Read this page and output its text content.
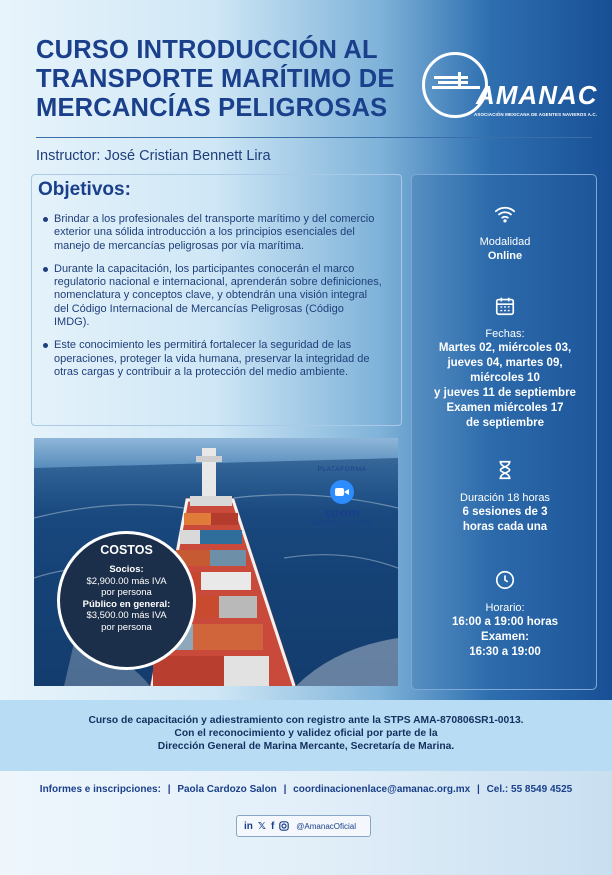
CURSO INTRODUCCIÓN AL
TRANSPORTE MARÍTIMO DE
MERCANCÍAS PELIGROSAS	AMANAC
ASOCIACIÓN MEXICANA DE AGENTES NAVIEROS A.C.
Instructor: José Cristian Bennett Lira
Objetivos:
Brindar a los profesionales del transporte marítimo y del comercio exterior una sólida introducción a los principios esenciales del manejo de mercancías peligrosas por vía marítima.
Durante la capacitación, los participantes conocerán el marco regulatorio nacional e internacional, aprenderán sobre definiciones, nomenclatura y conceptos clave, y obtendrán una visión integral del Código Internacional de Mercancías Peligrosas (Código IMDG).
Este conocimiento les permitirá fortalecer la seguridad de las operaciones, proteger la vida humana, preservar la integridad de otras cargas y contribuir a la protección del medio ambiente.
Modalidad
Online
Fechas:
Martes 02, miércoles 03,
jueves 04, martes 09,
miércoles 10
y jueves 11 de septiembre
Examen miércoles 17
de septiembre
Duración 18 horas
6 sesiones de 3
horas cada una
Horario:
16:00 a 19:00 horas
Examen:
16:30 a 19:00
PLATAFORMA
zoom
WORKPLACE PRO
COSTOS
Socios:
$2,900.00 más IVA
por persona
Público en general:
$3,500.00 más IVA
por persona
Curso de capacitación y adiestramiento con registro ante la STPS AMA-870806SR1-0013.
Con el reconocimiento y validez oficial por parte de la
Dirección General de Marina Mercante, Secretaría de Marina.
Informes e inscripciones: | Paola Cardozo Salon | coordinacionenlace@amanac.org.mx | Cel.: 55 8549 4525
in 𝕏 f	@AmanacOficial
